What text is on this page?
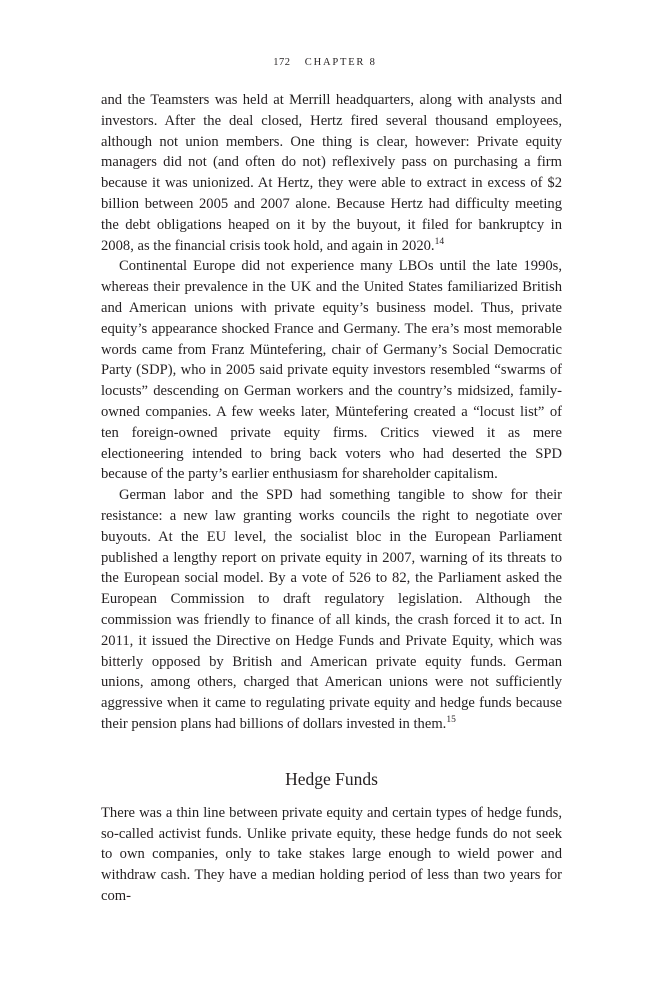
172 CHAPTER 8

and the Teamsters was held at Merrill headquarters, along with analysts and investors. After the deal closed, Hertz fired several thousand employees, although not union members. One thing is clear, however: Private equity managers did not (and often do not) reflexively pass on purchasing a firm because it was unionized. At Hertz, they were able to extract in excess of $2 billion between 2005 and 2007 alone. Because Hertz had difficulty meeting the debt obligations heaped on it by the buyout, it filed for bankruptcy in 2008, as the financial crisis took hold, and again in 2020.14

Continental Europe did not experience many LBOs until the late 1990s, whereas their prevalence in the UK and the United States familiarized British and American unions with private equity’s business model. Thus, private equity’s appearance shocked France and Germany. The era’s most memorable words came from Franz Müntefering, chair of Germany’s Social Democratic Party (SDP), who in 2005 said private equity investors resembled “swarms of locusts” descending on German workers and the country’s midsized, family-owned companies. A few weeks later, Müntefering created a “locust list” of ten foreign-owned private equity firms. Critics viewed it as mere electioneering intended to bring back voters who had deserted the SPD because of the party’s earlier enthusiasm for shareholder capitalism.

German labor and the SPD had something tangible to show for their resistance: a new law granting works councils the right to negotiate over buyouts. At the EU level, the socialist bloc in the European Parliament published a lengthy report on private equity in 2007, warning of its threats to the European social model. By a vote of 526 to 82, the Parliament asked the European Commission to draft regulatory legislation. Although the commission was friendly to finance of all kinds, the crash forced it to act. In 2011, it issued the Directive on Hedge Funds and Private Equity, which was bitterly opposed by British and American private equity funds. German unions, among others, charged that American unions were not sufficiently aggressive when it came to regulating private equity and hedge funds because their pension plans had billions of dollars invested in them.$^{15}$

Hedge Funds

There was a thin line between private equity and certain types of hedge funds, so-called activist funds. Unlike private equity, these hedge funds do not seek to own companies, only to take stakes large enough to wield power and withdraw cash. They have a median holding period of less than two years for com-
